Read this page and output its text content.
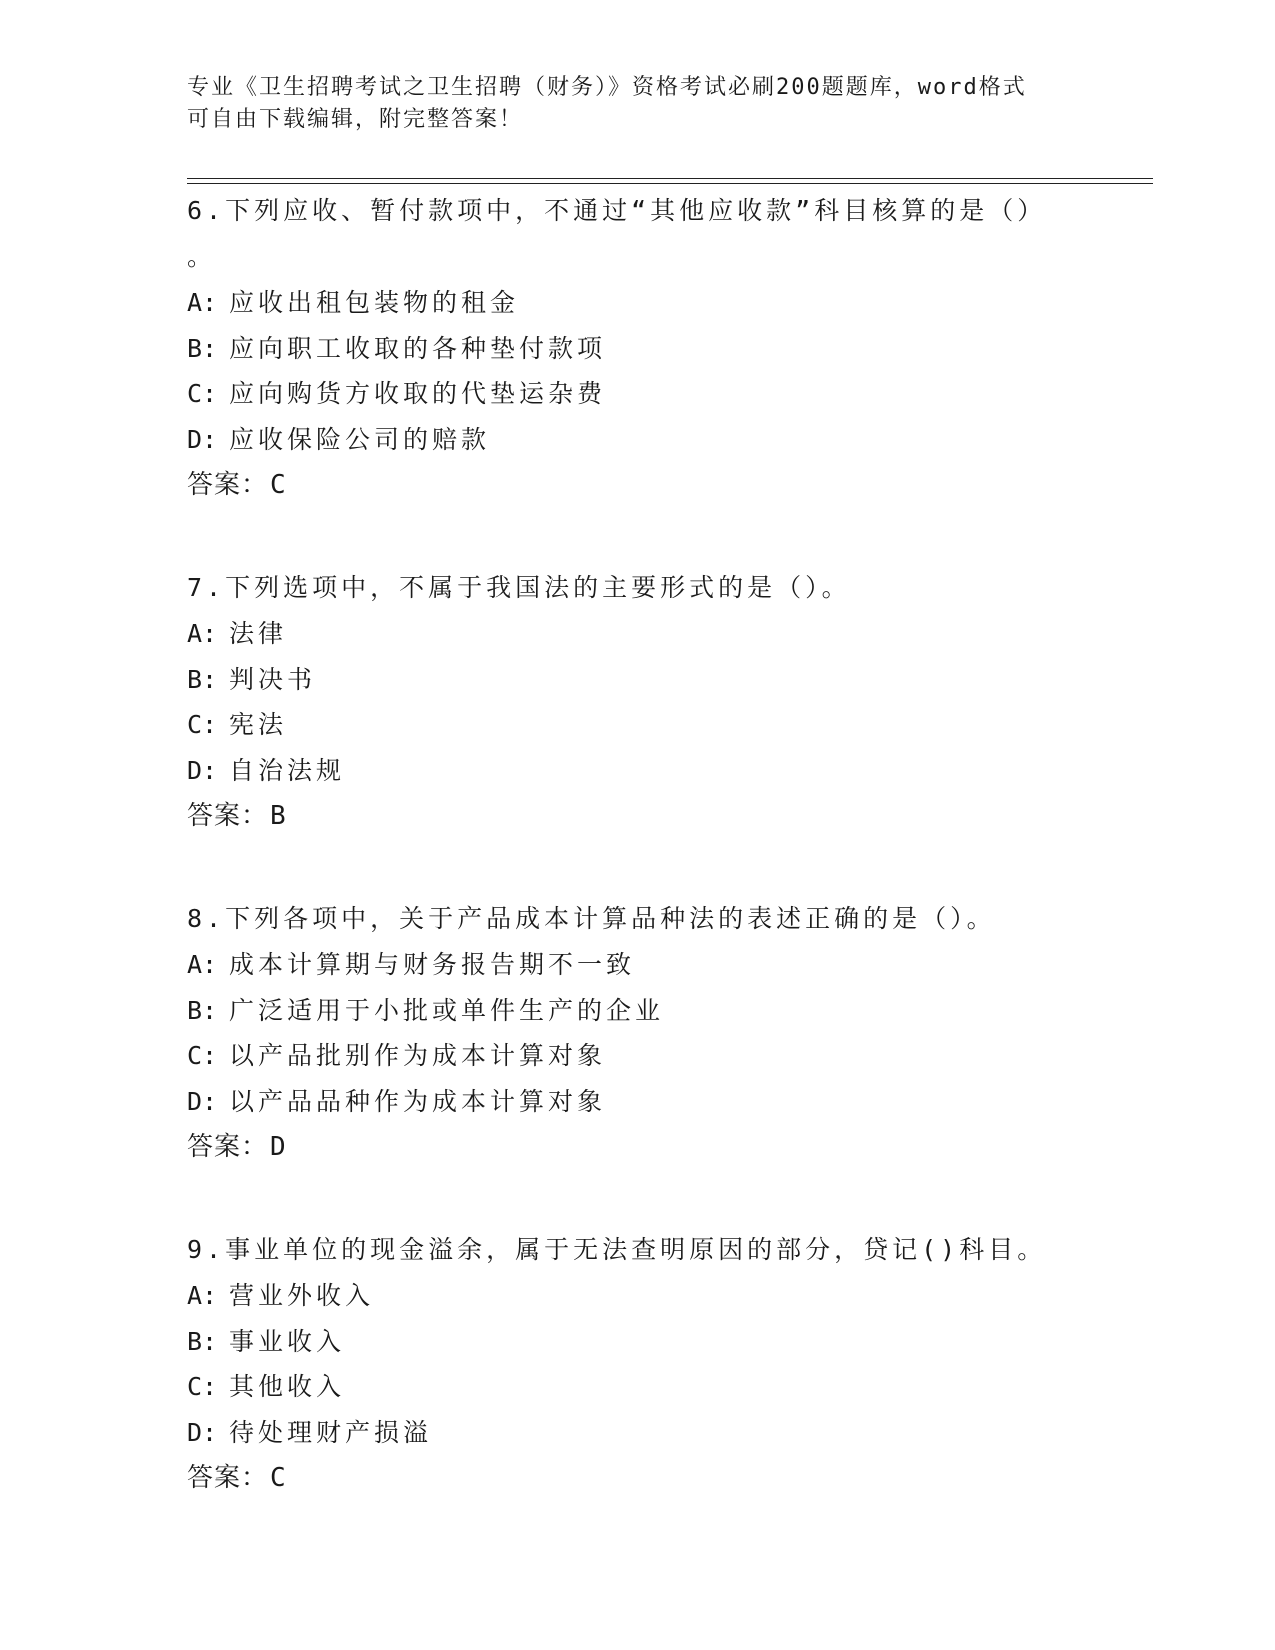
专业《卫生招聘考试之卫生招聘（财务）》资格考试必刷200题题库，word格式
可自由下载编辑，附完整答案！
6.下列应收、暂付款项中，不通过“其他应收款”科目核算的是（）
。
A: 应收出租包装物的租金
B: 应向职工收取的各种垫付款项
C: 应向购货方收取的代垫运杂费
D: 应收保险公司的赔款
答案：C
7.下列选项中，不属于我国法的主要形式的是（）。
A: 法律
B: 判决书
C: 宪法
D: 自治法规
答案：B
8.下列各项中，关于产品成本计算品种法的表述正确的是（）。
A: 成本计算期与财务报告期不一致
B: 广泛适用于小批或单件生产的企业
C: 以产品批别作为成本计算对象
D: 以产品品种作为成本计算对象
答案：D
9.事业单位的现金溢余，属于无法查明原因的部分，贷记()科目。
A: 营业外收入
B: 事业收入
C: 其他收入
D: 待处理财产损溢
答案：C
